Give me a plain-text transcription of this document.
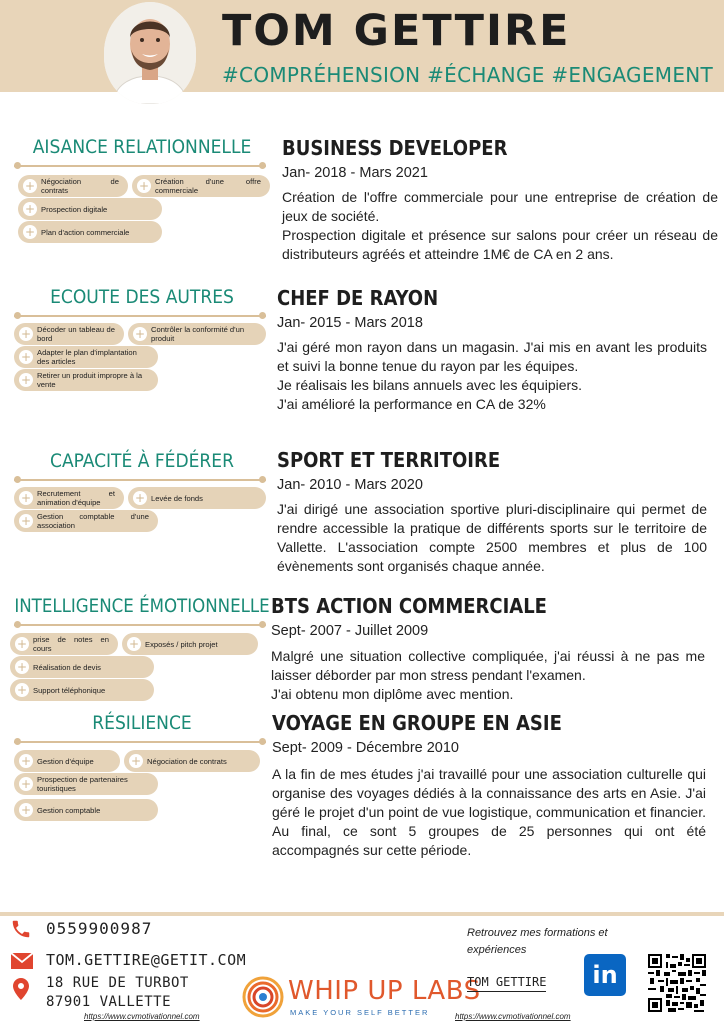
TOM GETTIRE
#COMPRÉHENSION #ÉCHANGE #ENGAGEMENT
AISANCE RELATIONNELLE
+ Négociation de contrats	+ Création d'une offre commerciale
+ Prospection digitale
+ Plan d'action commerciale
ECOUTE DES AUTRES
+ Décoder un tableau de bord	+ Contrôler la conformité d'un produit
+ Adapter le plan d'implantation des articles
+ Retirer un produit impropre à la vente
CAPACITÉ À FÉDÉRER
+ Recrutement et animation d'équipe	+ Levée de fonds
+ Gestion comptable d'une association
INTELLIGENCE ÉMOTIONNELLE
+ prise de notes en cours	+ Exposés / pitch projet
+ Réalisation de devis
+ Support téléphonique
RÉSILIENCE
+ Gestion d'équipe	+ Négociation de contrats
+ Prospection de partenaires touristiques
+ Gestion comptable
BUSINESS DEVELOPER
Jan- 2018 - Mars 2021

Création de l'offre commerciale pour une entreprise de création de jeux de société.

Prospection digitale et présence sur salons pour créer un réseau de distributeurs agréés et atteindre 1M€ de CA en 2 ans.

CHEF DE RAYON
Jan- 2015 - Mars 2018

J'ai géré mon rayon dans un magasin. J'ai mis en avant les produits et suivi la bonne tenue du rayon par les équipes.

Je réalisais les bilans annuels avec les équipiers.

J'ai amélioré la performance en CA de 32%

SPORT ET TERRITOIRE
Jan- 2010 - Mars 2020

J'ai dirigé une association sportive pluri-disciplinaire qui permet de rendre accessible la pratique de différents sports sur le territoire de Vallette. L'association compte 2500 membres et plus de 100 évènements sont organisés chaque année.

BTS ACTION COMMERCIALE
Sept- 2007 - Juillet 2009

Malgré une situation collective compliquée, j'ai réussi à ne pas me laisser déborder par mon stress pendant l'examen.

J'ai obtenu mon diplôme avec mention.

VOYAGE EN GROUPE EN ASIE
Sept- 2009 - Décembre 2010

A la fin de mes études j'ai travaillé pour une association culturelle qui organise des voyages dédiés à la connaissance des arts en Asie. J'ai géré le projet d'un point de vue logistique, communication et financier. Au final, ce sont 5 groupes de 25 personnes qui ont été accompagnés sur cette période.

0559900987
TOM.GETTIRE@GETIT.COM
18 RUE DE TURBOT
87901 VALLETTE
https://www.cvmotivationnel.com
WHIP UP LABS
MAKE YOUR SELF BETTER
Retrouvez mes formations et expériences
TOM GETTIRE
https://www.cvmotivationnel.com
in
